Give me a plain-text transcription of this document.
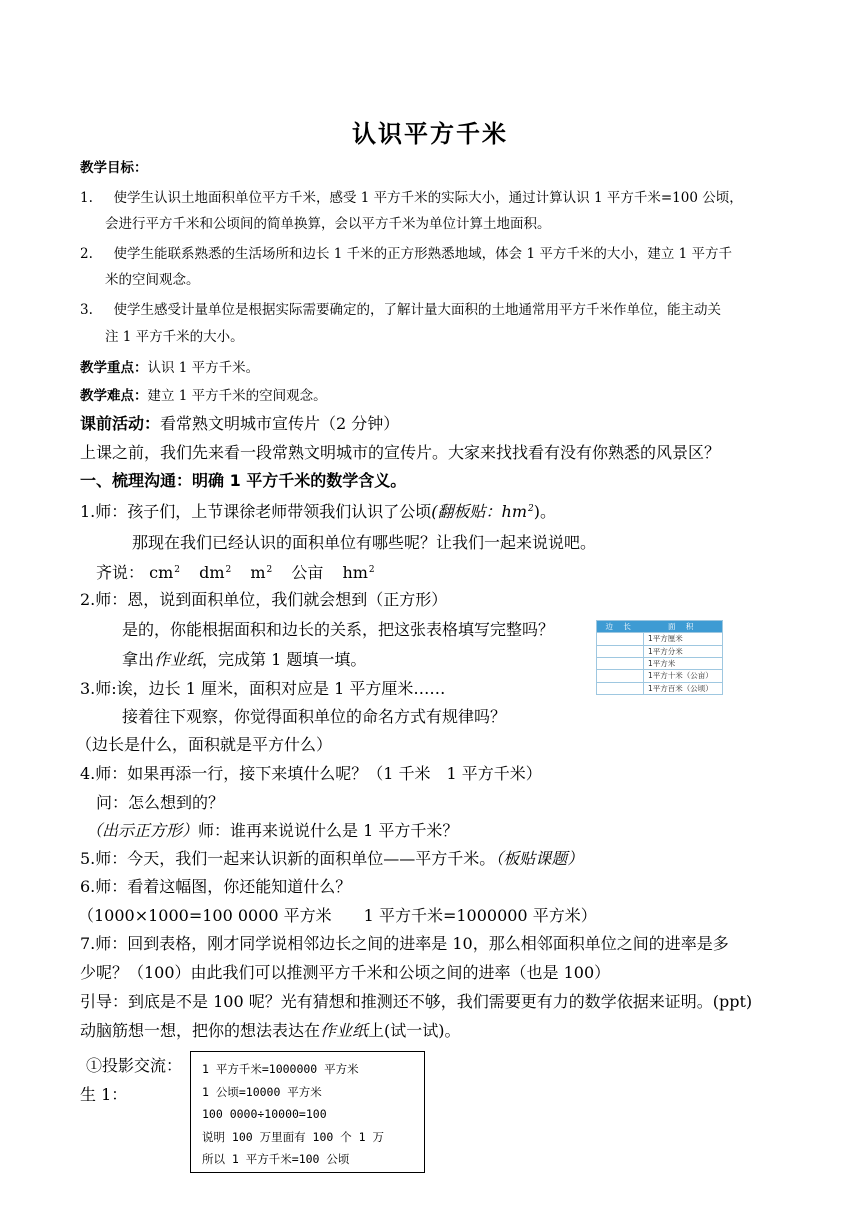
认识平方千米
教学目标：
1. 使学生认识土地面积单位平方千米，感受 1 平方千米的实际大小，通过计算认识 1 平方千米=100 公顷，
会进行平方千米和公顷间的简单换算，会以平方千米为单位计算土地面积。
2. 使学生能联系熟悉的生活场所和边长 1 千米的正方形熟悉地域，体会 1 平方千米的大小，建立 1 平方千
米的空间观念。
3. 使学生感受计量单位是根据实际需要确定的，了解计量大面积的土地通常用平方千米作单位，能主动关
注 1 平方千米的大小。
教学重点：认识 1 平方千米。
教学难点：建立 1 平方千米的空间观念。
课前活动：看常熟文明城市宣传片（2 分钟）
上课之前，我们先来看一段常熟文明城市的宣传片。大家来找找看有没有你熟悉的风景区？
一、梳理沟通：明确 1 平方千米的数学含义。
1.师：孩子们，上节课徐老师带领我们认识了公顷(翻板贴：$hm^2$)。
那现在我们已经认识的面积单位有哪些呢？让我们一起来说说吧。
齐说： $cm^2$ $dm^2$ $m^2$ 公亩 $hm^2$
2.师：恩，说到面积单位，我们就会想到（正方形）
是的，你能根据面积和边长的关系，把这张表格填写完整吗？
拿出作业纸，完成第 1 题填一填。
边 长	面 积
	1平方厘米
	1平方分米
	1平方米
	1平方十米（公亩）
	1平方百米（公顷）
3.师:诶，边长 1 厘米，面积对应是 1 平方厘米……
接着往下观察，你觉得面积单位的命名方式有规律吗？
（边长是什么，面积就是平方什么）
4.师：如果再添一行，接下来填什么呢？（1 千米　1 平方千米）
问：怎么想到的？
（出示正方形）师：谁再来说说什么是 1 平方千米？
5.师：今天，我们一起来认识新的面积单位——平方千米。（板贴课题）
6.师：看着这幅图，你还能知道什么？
（1000×1000=100 0000 平方米　　1 平方千米=1000000 平方米）
7.师：回到表格，刚才同学说相邻边长之间的进率是 10，那么相邻面积单位之间的进率是多
少呢？（100）由此我们可以推测平方千米和公顷之间的进率（也是 100）
引导：到底是不是 100 呢？光有猜想和推测还不够，我们需要更有力的数学依据来证明。(ppt)
动脑筋想一想，把你的想法表达在作业纸上(试一试)。
①投影交流：
生 1：
1 平方千米=1000000 平方米
1 公顷=10000 平方米
100 0000÷10000=100
说明 100 万里面有 100 个 1 万
所以 1 平方千米=100 公顷
